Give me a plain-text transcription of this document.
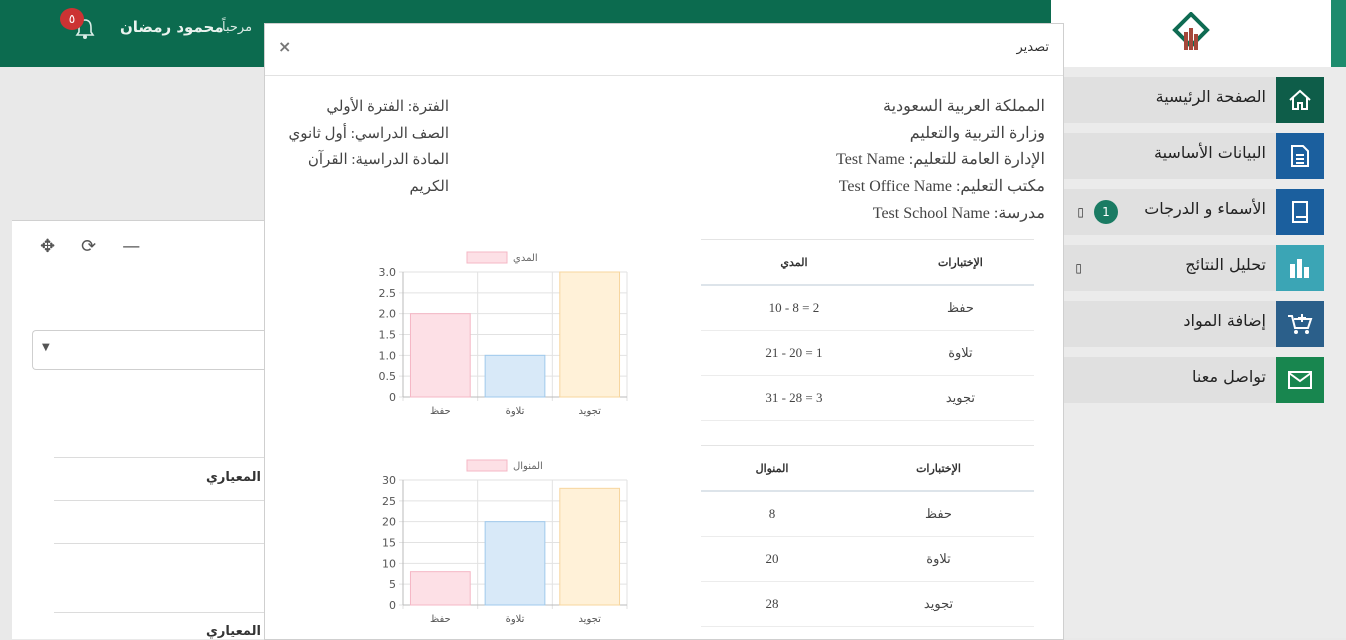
٥	محمود رمضان
مرحباً
الصفحة الرئيسية
البيانات الأساسية
الأسماء و الدرجات
1
▯
تحليل النتائج
▯
إضافة المواد
تواصل معنا
✥ ⟳ —
▼
المعياري
المعياري
تصدير
×
المملكة العربية السعودية
وزارة التربية والتعليم
الإدارة العامة للتعليم: Test Name
مكتب التعليم: Test Office Name
مدرسة: Test School Name
الفترة: الفترة الأولي
الصف الدراسي: أول ثانوي
المادة الدراسية: القرآن الكريم
المدي	الإختبارات
10 - 8 = 2	حفظ
21 - 20 = 1	تلاوة
31 - 28 = 3	تجويد
المنوال	الإختبارات
8	حفظ
20	تلاوة
28	تجويد
المدي
0
0.5
1.0
1.5
2.0
2.5
3.0
حفظ	تلاوة	تجويد
المنوال
0
5
10
15
20
25
30
حفظ	تلاوة	تجويد
